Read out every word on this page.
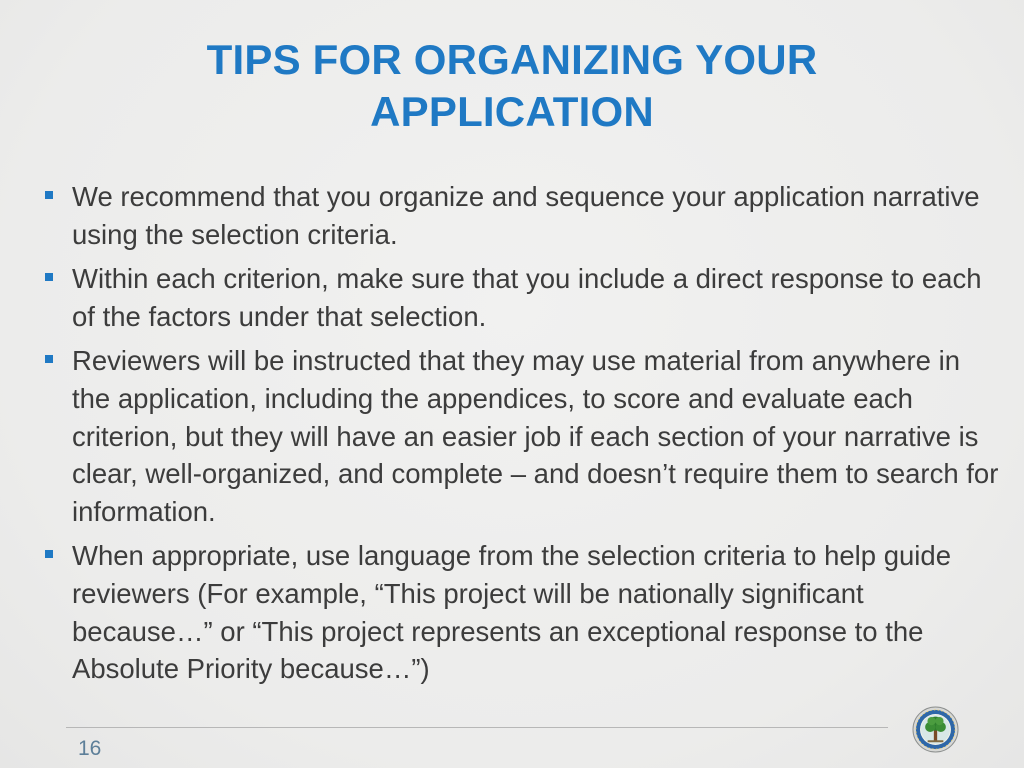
TIPS FOR ORGANIZING YOUR
APPLICATION
We recommend that you organize and sequence your application narrative using the selection criteria.
Within each criterion, make sure that you include a direct response to each of the factors under that selection.
Reviewers will be instructed that they may use material from anywhere in the application, including the appendices, to score and evaluate each criterion, but they will have an easier job if each section of your narrative is clear, well-organized, and complete – and doesn’t require them to search for information.
When appropriate, use language from the selection criteria to help guide reviewers (For example, “This project will be nationally significant because…” or “This project represents an exceptional response to the Absolute Priority because…”)
16
